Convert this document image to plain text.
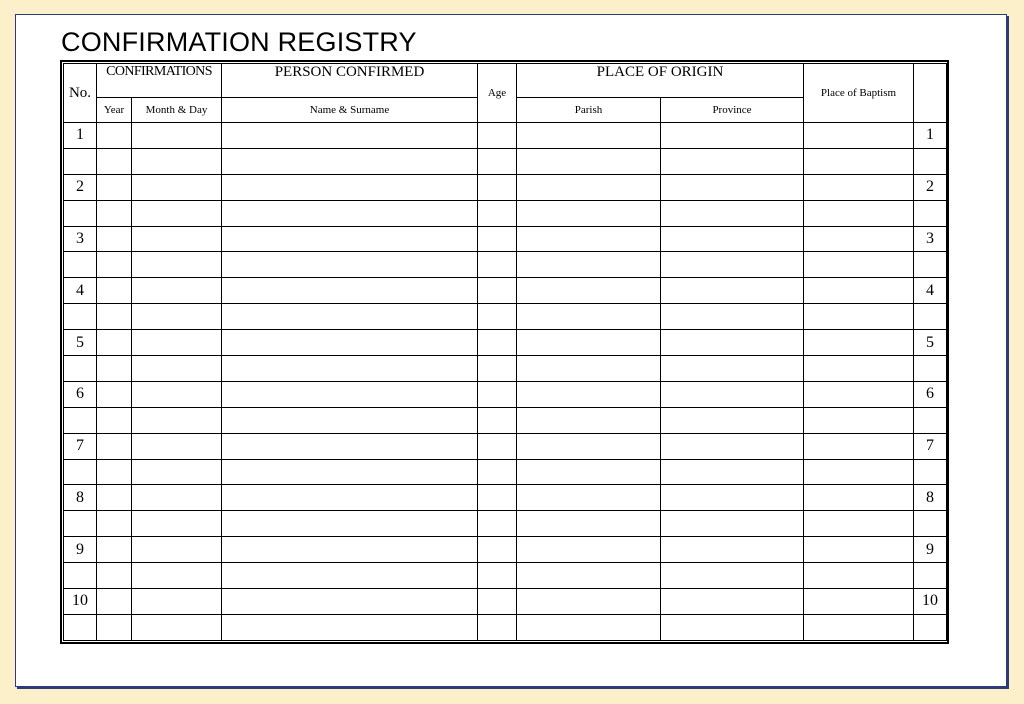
CONFIRMATION REGISTRY
No.	CONFIRMATIONS		PERSON CONFIRMED	Age	PLACE OF ORIGIN		Place of Baptism	
	Year	Month & Day	Name & Surname		Parish	Province		
1								1

2								2

3								3

4								4

5								5

6								6

7								7

8								8

9								9

10								10
